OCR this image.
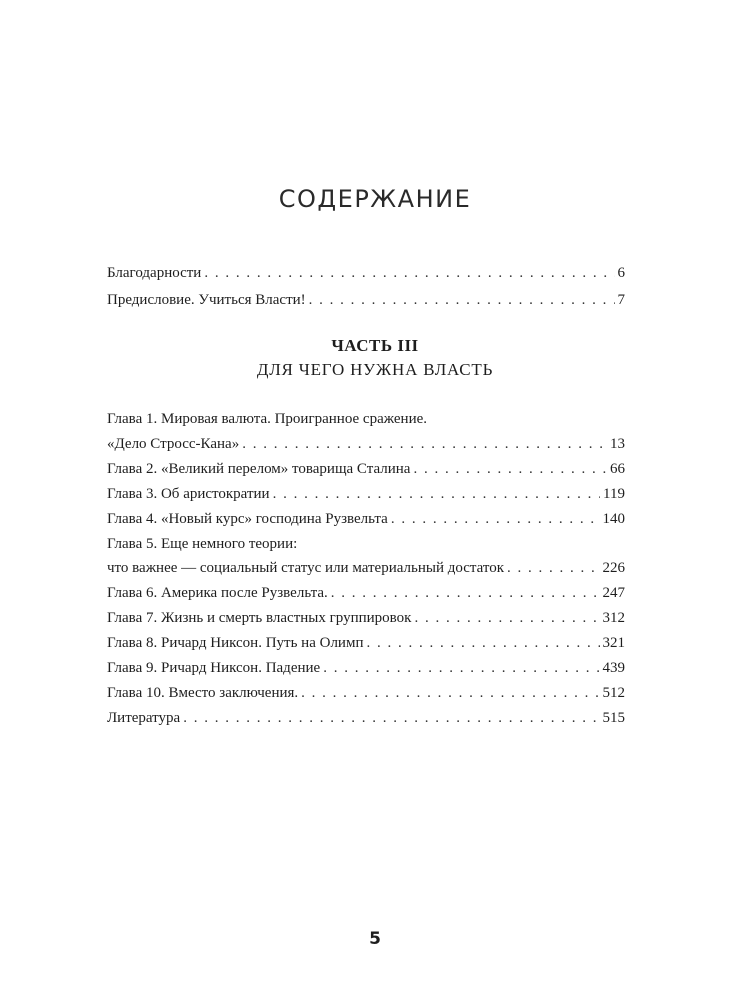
СОДЕРЖАНИЕ
Благодарности . . .	6
Предисловие. Учиться Власти! . . .	7
ЧАСТЬ III
ДЛЯ ЧЕГО НУЖНА ВЛАСТЬ
Глава 1. Мировая валюта. Проигранное сражение.
«Дело Стросс-Кана» . . .	13
Глава 2. «Великий перелом» товарища Сталина . . .	66
Глава 3. Об аристократии . . .	119
Глава 4. «Новый курс» господина Рузвельта . . .	140
Глава 5. Еще немного теории:
что важнее — социальный статус или материальный достаток . . .	226
Глава 6. Америка после Рузвельта. . . .	247
Глава 7. Жизнь и смерть властных группировок . . .	312
Глава 8. Ричард Никсон. Путь на Олимп . . .	321
Глава 9. Ричард Никсон. Падение . . .	439
Глава 10. Вместо заключения. . . .	512
Литература . . .	515
5
